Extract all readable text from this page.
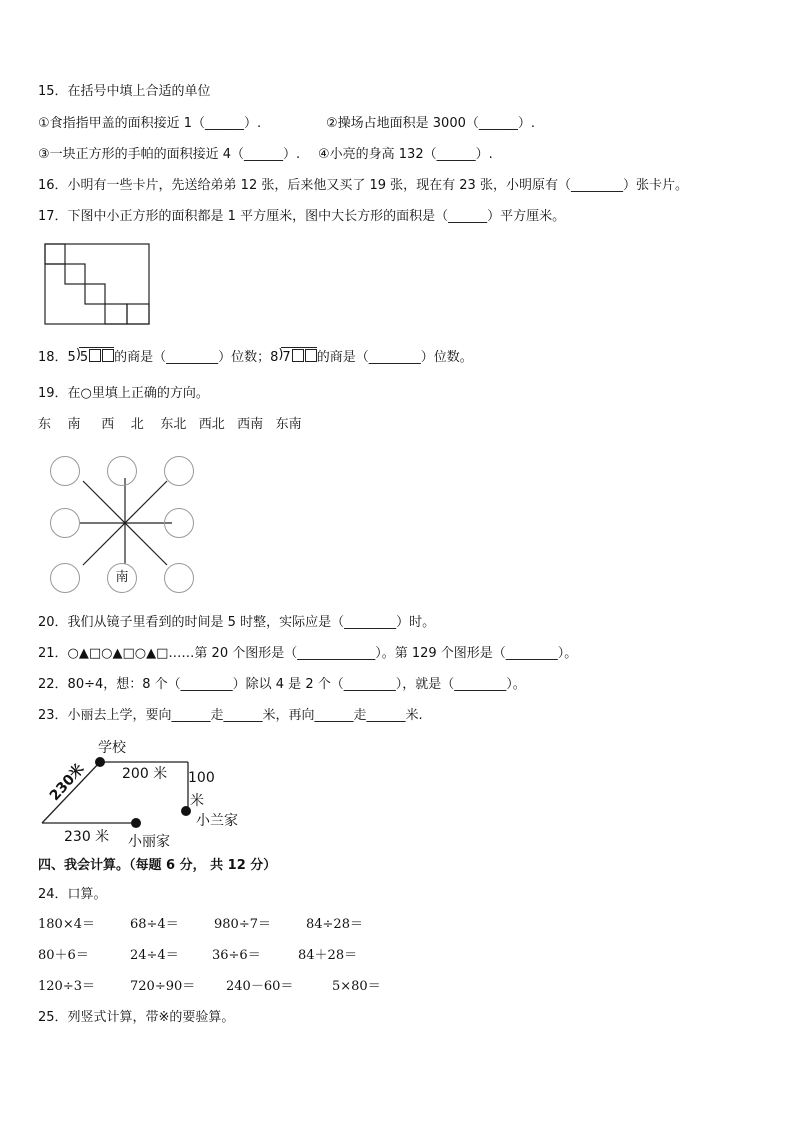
15．在括号中填上合适的单位
①食指指甲盖的面积接近 1（______）.	②操场占地面积是 3000（______）.
③一块正方形的手帕的面积接近 4（______）. ④小亮的身高 132（______）.
16．小明有一些卡片，先送给弟弟 12 张，后来他又买了 19 张，现在有 23 张，小明原有（________）张卡片。
17．下图中小正方形的面积都是 1 平方厘米，图中大长方形的面积是（______）平方厘米。
18．5 )
5 的商是（________）位数；8 )
7 的商是（________）位数。
19．在○里填上正确的方向。
东 南 西 北 东北 西北 西南 东南
南
20．我们从镜子里看到的时间是 5 时整，实际应是（________）时。
21．○▲□○▲□○▲□……第 20 个图形是（____________）。第 129 个图形是（________）。
22．80÷4，想：8 个（________）除以 4 是 2 个（________），就是（________）。
23．小丽去上学，要向______走______米，再向______走______米.
学校
200 米 100
米
小兰家
230米
230 米 小丽家
四、我会计算。（每题 6 分， 共 12 分）
24．口算。
180×4＝	68÷4＝	980÷7＝	84÷28＝
80＋6＝	24÷4＝	36÷6＝	84＋28＝
120÷3＝	720÷90＝ 240－60＝	5×80＝
25．列竖式计算，带※的要验算。
